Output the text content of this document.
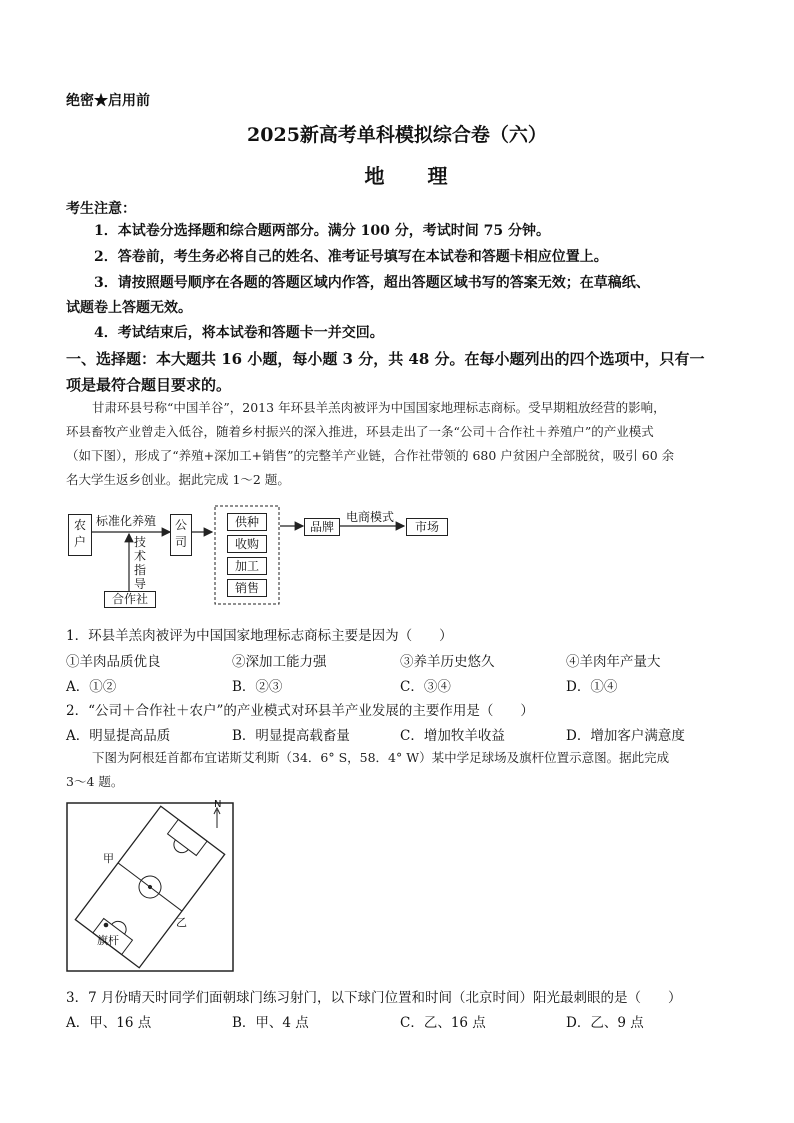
绝密★启用前
2025新高考单科模拟综合卷（六）
地 理
考生注意：
1．本试卷分选择题和综合题两部分。满分 100 分，考试时间 75 分钟。
2．答卷前，考生务必将自己的姓名、准考证号填写在本试卷和答题卡相应位置上。
3．请按照题号顺序在各题的答题区域内作答，超出答题区域书写的答案无效；在草稿纸、
试题卷上答题无效。
4．考试结束后，将本试卷和答题卡一并交回。
一、选择题：本大题共 16 小题，每小题 3 分，共 48 分。在每小题列出的四个选项中，只有一
项是最符合题目要求的。
甘肃环县号称“中国羊谷”，2013 年环县羊羔肉被评为中国国家地理标志商标。受早期粗放经营的影响，
环县畜牧产业曾走入低谷，随着乡村振兴的深入推进，环县走出了一条“公司＋合作社＋养殖户”的产业模式
（如下图），形成了“养殖+深加工+销售”的完整羊产业链，合作社带领的 680 户贫困户全部脱贫，吸引 60 余
名大学生返乡创业。据此完成 1～2 题。
农户
标准化养殖	公司
技术指导
合作社
供种
收购
加工
销售
品牌
电商模式
市场
1．环县羊羔肉被评为中国国家地理标志商标主要是因为（　　）
①羊肉品质优良	②深加工能力强	③养羊历史悠久	④羊肉年产量大
A．①②	B．②③	C．③④	D．①④
2．“公司＋合作社＋农户”的产业模式对环县羊产业发展的主要作用是（　　）
A．明显提高品质	B．明显提高载畜量	C．增加牧羊收益	D．增加客户满意度
下图为阿根廷首都布宜诺斯艾利斯（34．6° S，58．4° W）某中学足球场及旗杆位置示意图。据此完成
3～4 题。
N
甲
乙
旗杆
3．7 月份晴天时同学们面朝球门练习射门，以下球门位置和时间（北京时间）阳光最刺眼的是（　　）
A．甲、16 点	B．甲、4 点	C．乙、16 点	D．乙、9 点
